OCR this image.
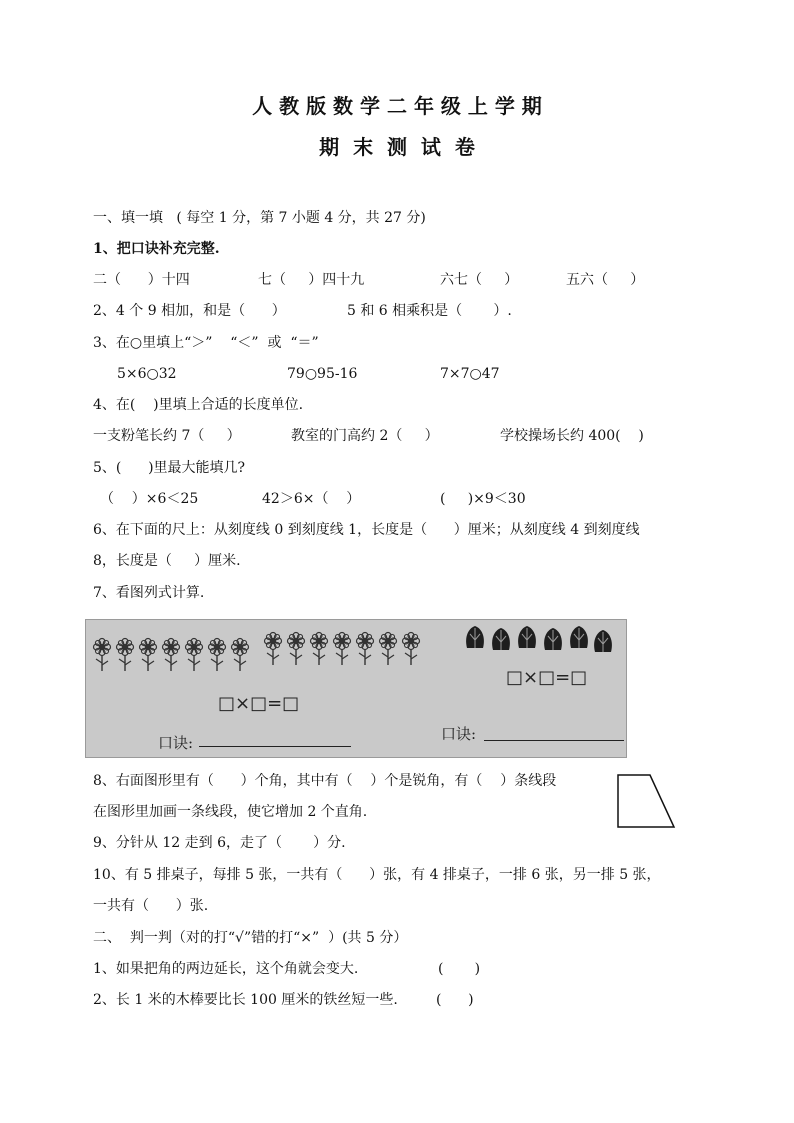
人 教 版 数 学 二 年 级 上 学 期
期  末  测  试  卷
一、填一填   ( 每空 1 分，第 7 小题 4 分，共 27 分)
1、把口诀补充完整.
二（      ）十四	七（     ）四十九	六七（     ）	五六（     ）
2、4 个 9 相加，和是（      ）	5 和 6 相乘积是（       ）.
3、在○里填上“＞”    “＜”  或  “＝”
5×6○32	79○95-16	7×7○47
4、在(    )里填上合适的长度单位.
一支粉笔长约 7（     ）	教室的门高约 2（     ）	学校操场长约 400(    )
5、(      )里最大能填几?
（    ）×6＜25	42＞6×（    ）	(     )×9＜30
6、在下面的尺上：从刻度线 0 到刻度线 1，长度是（      ）厘米；从刻度线 4 到刻度线
8，长度是（     ）厘米.
7、看图列式计算.
□×□=□
□×□=□
口诀:	口诀:
8、右面图形里有（      ）个角，其中有（    ）个是锐角，有（    ）条线段
在图形里加画一条线段，使它增加 2 个直角.
9、分针从 12 走到 6，走了（       ）分.
10、有 5 排桌子，每排 5 张，一共有（      ）张，有 4 排桌子，一排 6 张，另一排 5 张，
一共有（      ）张.
二、  判一判（对的打“√”错的打“×”  ）(共 5 分）
1、如果把角的两边延长，这个角就会变大.	(       )
2、长 1 米的木棒要比长 100 厘米的铁丝短一些.	(      )
